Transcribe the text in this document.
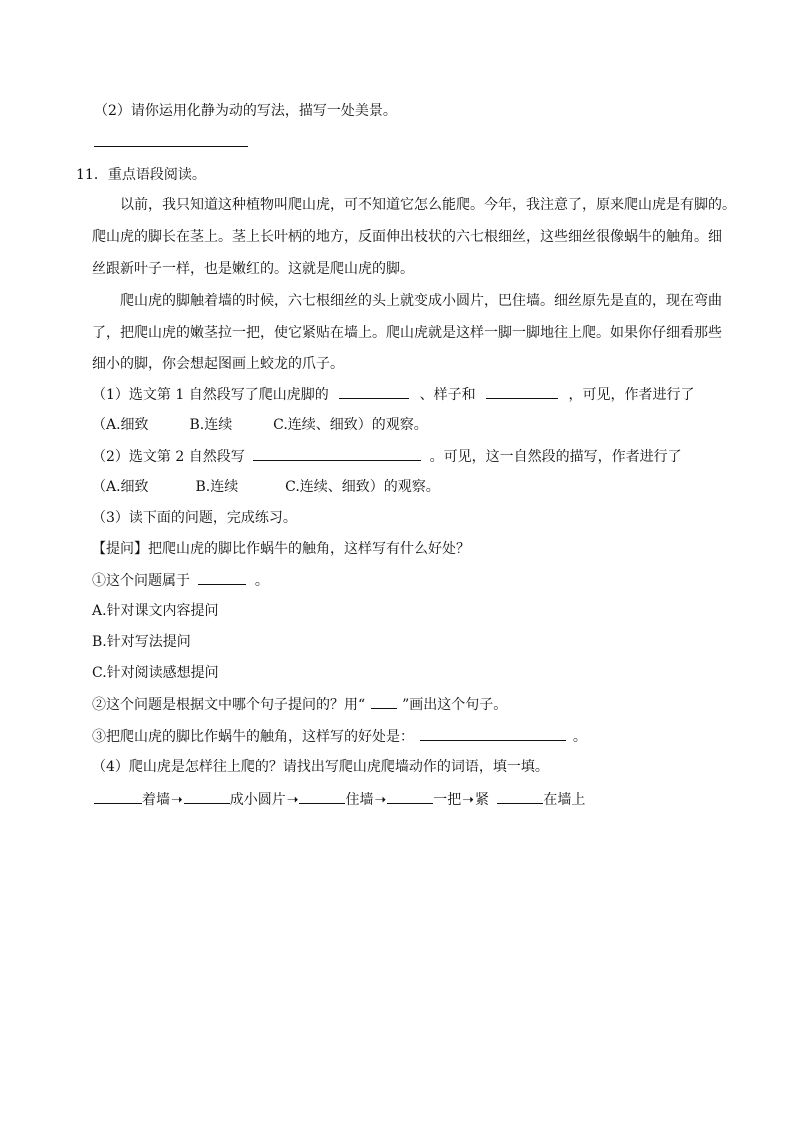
（2）请你运用化静为动的写法，描写一处美景。
11．重点语段阅读。
以前，我只知道这种植物叫爬山虎，可不知道它怎么能爬。今年，我注意了，原来爬山虎是有脚的。
爬山虎的脚长在茎上。茎上长叶柄的地方，反面伸出枝状的六七根细丝，这些细丝很像蜗牛的触角。细
丝跟新叶子一样，也是嫩红的。这就是爬山虎的脚。
爬山虎的脚触着墙的时候，六七根细丝的头上就变成小圆片，巴住墙。细丝原先是直的，现在弯曲
了，把爬山虎的嫩茎拉一把，使它紧贴在墙上。爬山虎就是这样一脚一脚地往上爬。如果你仔细看那些
细小的脚，你会想起图画上蛟龙的爪子。
（1）选文第 1 自然段写了爬山虎脚的	、样子和	，可见，作者进行了
（A.细致	B.连续	C.连续、细致）的观察。
（2）选文第 2 自然段写	。可见，这一自然段的描写，作者进行了
（A.细致	B.连续	C.连续、细致）的观察。
（3）读下面的问题，完成练习。
【提问】把爬山虎的脚比作蜗牛的触角，这样写有什么好处？
①这个问题属于	。
A.针对课文内容提问
B.针对写法提问
C.针对阅读感想提问
②这个问题是根据文中哪个句子提问的？用“	”画出这个句子。
③把爬山虎的脚比作蜗牛的触角，这样写的好处是：	。
（4）爬山虎是怎样往上爬的？请找出写爬山虎爬墙动作的词语，填一填。
着墙➝	成小圆片➝	住墙➝	一把➝紧	在墙上
